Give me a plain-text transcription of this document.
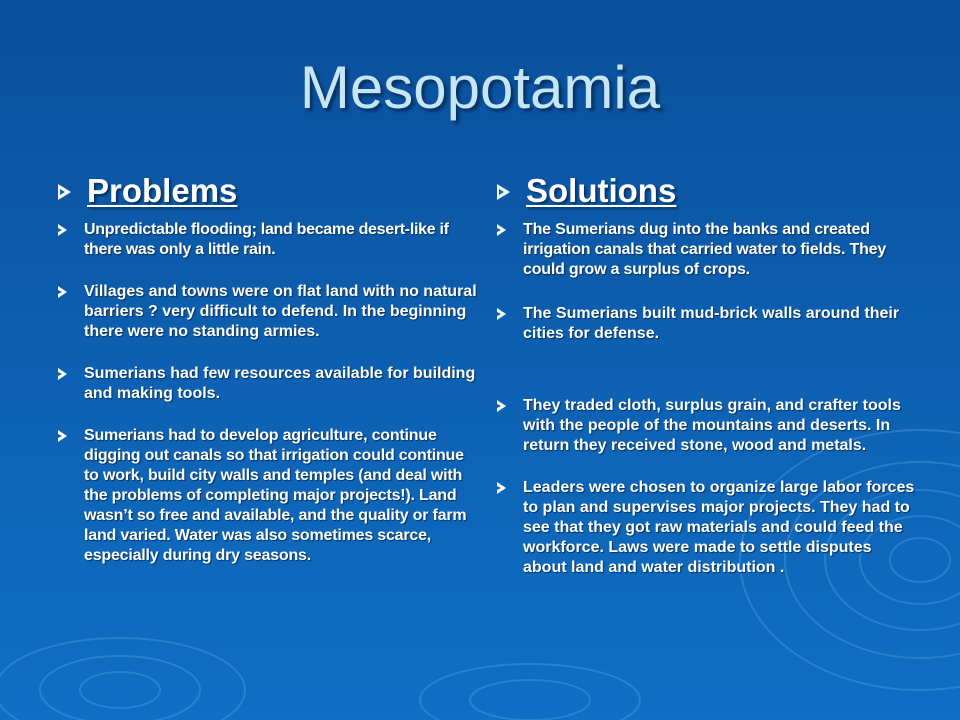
Mesopotamia
Problems
Unpredictable flooding; land became desert-like if there was only a little rain.
Villages and towns were on flat land with no natural barriers ? very difficult to defend. In the beginning there were no standing armies.
Sumerians had few resources available for building and making tools.
Sumerians had to develop agriculture, continue digging out canals so that irrigation could continue to work, build city walls and temples (and deal with the problems of completing major projects!). Land wasn’t so free and available, and the quality or farm land varied. Water was also sometimes scarce, especially during dry seasons.
Solutions
The Sumerians dug into the banks and created irrigation canals that carried water to fields. They could grow a surplus of crops.
The Sumerians built mud-brick walls around their cities for defense.
They traded cloth, surplus grain, and crafter tools with the people of the mountains and deserts. In return they received stone, wood and metals.
Leaders were chosen to organize large labor forces to plan and supervises major projects. They had to see that they got raw materials and could feed the workforce. Laws were made to settle disputes about land and water distribution .
